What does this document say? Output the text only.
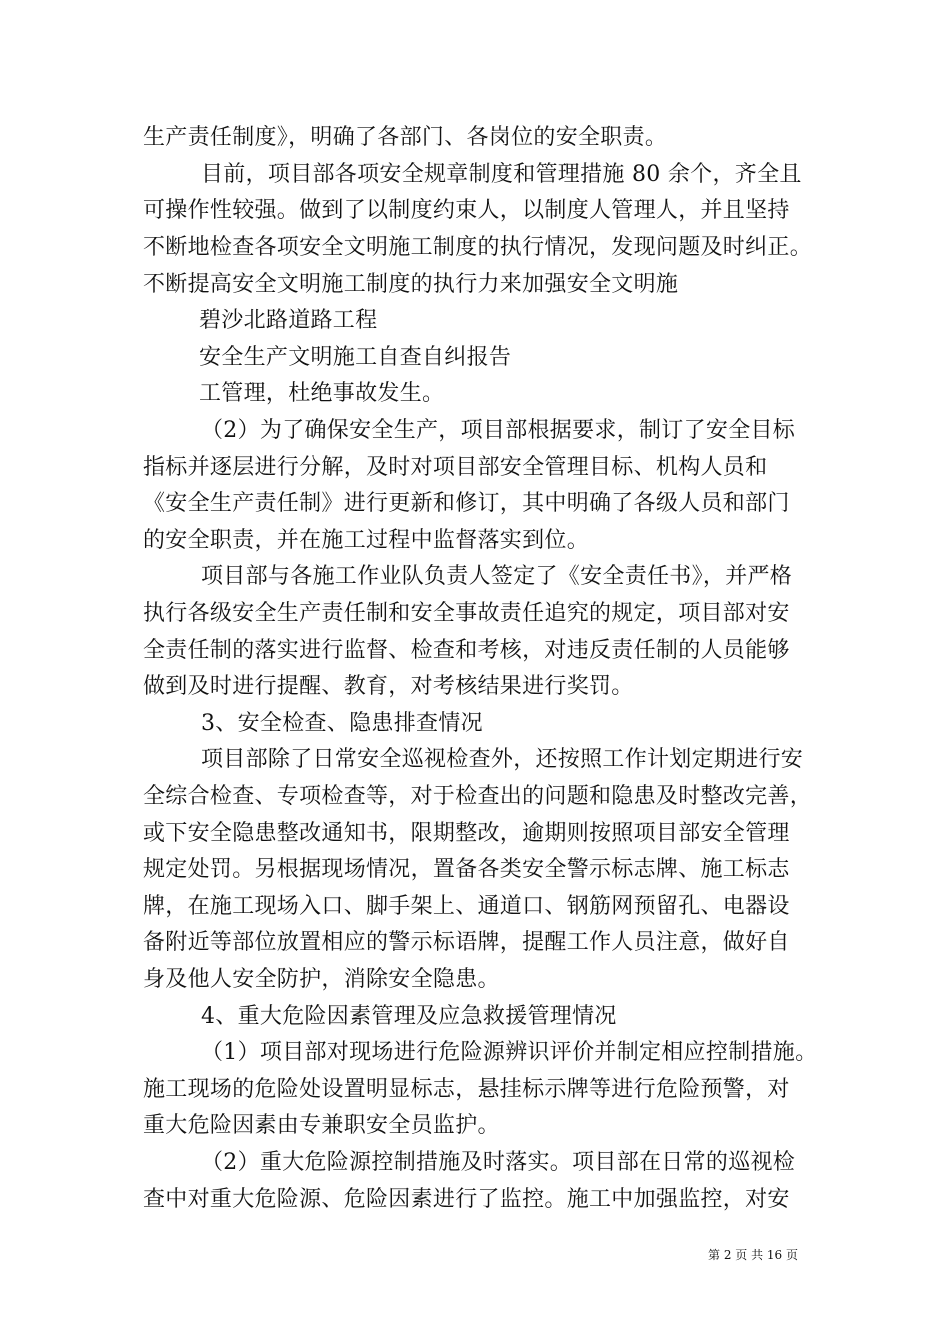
生产责任制度》，明确了各部门、各岗位的安全职责。
目前，项目部各项安全规章制度和管理措施 80 余个，齐全且
可操作性较强。做到了以制度约束人，以制度人管理人，并且坚持
不断地检查各项安全文明施工制度的执行情况，发现问题及时纠正。
不断提高安全文明施工制度的执行力来加强安全文明施
碧沙北路道路工程
安全生产文明施工自查自纠报告
工管理，杜绝事故发生。
（2）为了确保安全生产，项目部根据要求，制订了安全目标
指标并逐层进行分解，及时对项目部安全管理目标、机构人员和
《安全生产责任制》进行更新和修订，其中明确了各级人员和部门
的安全职责，并在施工过程中监督落实到位。
项目部与各施工作业队负责人签定了《安全责任书》，并严格
执行各级安全生产责任制和安全事故责任追究的规定，项目部对安
全责任制的落实进行监督、检查和考核，对违反责任制的人员能够
做到及时进行提醒、教育，对考核结果进行奖罚。
3、安全检查、隐患排查情况
项目部除了日常安全巡视检查外，还按照工作计划定期进行安
全综合检查、专项检查等，对于检查出的问题和隐患及时整改完善，
或下安全隐患整改通知书，限期整改，逾期则按照项目部安全管理
规定处罚。另根据现场情况，置备各类安全警示标志牌、施工标志
牌，在施工现场入口、脚手架上、通道口、钢筋网预留孔、电器设
备附近等部位放置相应的警示标语牌，提醒工作人员注意，做好自
身及他人安全防护，消除安全隐患。
4、重大危险因素管理及应急救援管理情况
（1）项目部对现场进行危险源辨识评价并制定相应控制措施。
施工现场的危险处设置明显标志，悬挂标示牌等进行危险预警，对
重大危险因素由专兼职安全员监护。
（2）重大危险源控制措施及时落实。项目部在日常的巡视检
查中对重大危险源、危险因素进行了监控。施工中加强监控，对安
第 2 页 共 16 页
